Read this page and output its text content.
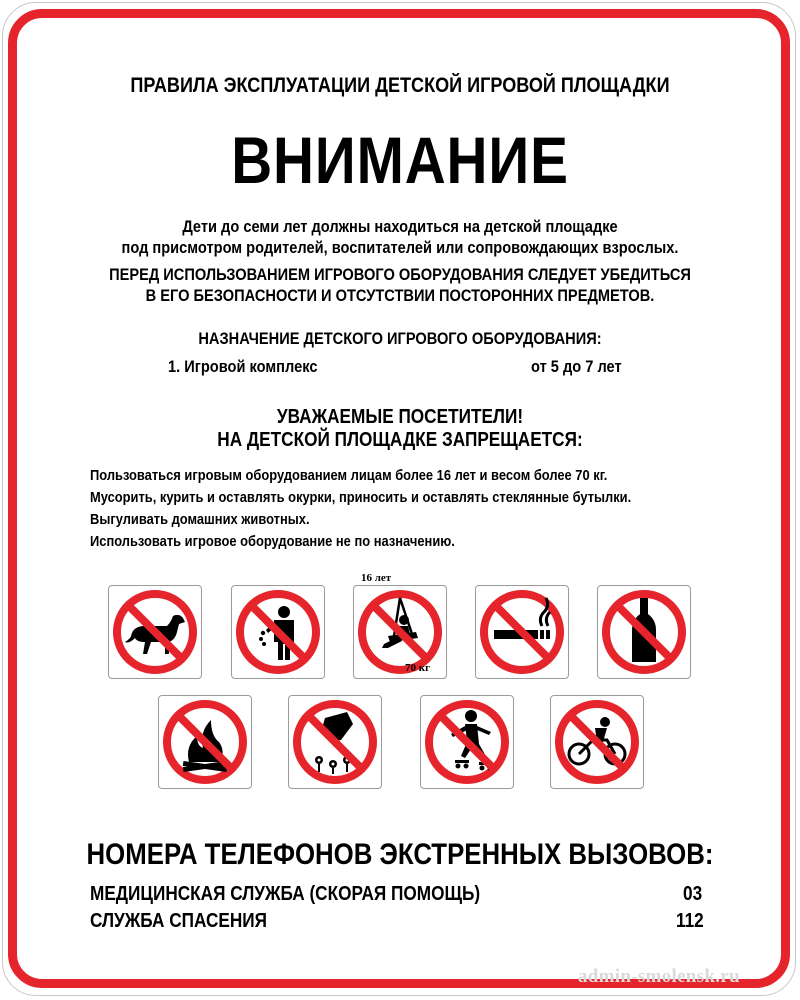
ПРАВИЛА ЭКСПЛУАТАЦИИ ДЕТСКОЙ ИГРОВОЙ ПЛОЩАДКИ
ВНИМАНИЕ
Дети до семи лет должны находиться на детской площадке
под присмотром родителей, воспитателей или сопровождающих взрослых.
ПЕРЕД ИСПОЛЬЗОВАНИЕМ ИГРОВОГО ОБОРУДОВАНИЯ СЛЕДУЕТ УБЕДИТЬСЯ
В ЕГО БЕЗОПАСНОСТИ И ОТСУТСТВИИ ПОСТОРОННИХ ПРЕДМЕТОВ.
НАЗНАЧЕНИЕ ДЕТСКОГО ИГРОВОГО ОБОРУДОВАНИЯ:
1. Игровой комплекс	от 5 до 7 лет
УВАЖАЕМЫЕ ПОСЕТИТЕЛИ!
НА ДЕТСКОЙ ПЛОЩАДКЕ ЗАПРЕЩАЕТСЯ:
Пользоваться игровым оборудованием лицам более 16 лет и весом более 70 кг.
Мусорить, курить и оставлять окурки, приносить и оставлять стеклянные бутылки.
Выгуливать домашних животных.
Использовать игровое оборудование не по назначению.
16 лет
70 кг
НОМЕРА ТЕЛЕФОНОВ ЭКСТРЕННЫХ ВЫЗОВОВ:
МЕДИЦИНСКАЯ СЛУЖБА (СКОРАЯ ПОМОЩЬ)	03
СЛУЖБА СПАСЕНИЯ	112
admin-smolensk.ru
